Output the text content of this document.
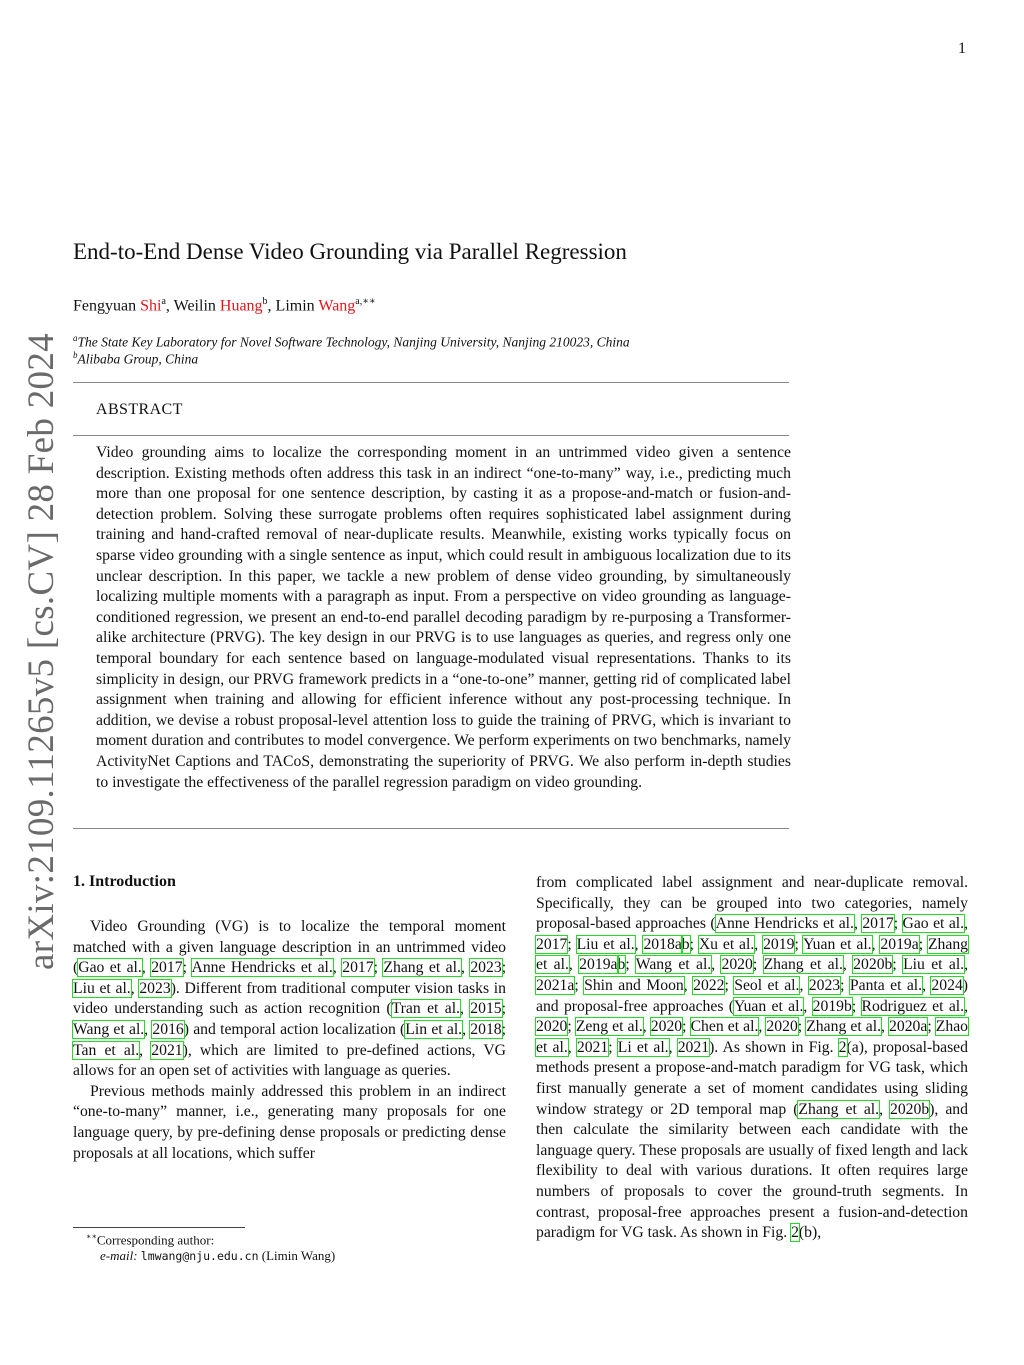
1
arXiv:2109.11265v5 [cs.CV] 28 Feb 2024
End-to-End Dense Video Grounding via Parallel Regression
Fengyuan Shi$^a$, Weilin Huang$^b$, Limin Wang$^{a,∗∗}$
$^a$The State Key Laboratory for Novel Software Technology, Nanjing University, Nanjing 210023, China
$^b$Alibaba Group, China
ABSTRACT
Video grounding aims to localize the corresponding moment in an untrimmed video given a sentence description. Existing methods often address this task in an indirect “one-to-many” way, i.e., predicting much more than one proposal for one sentence description, by casting it as a propose-and-match or fusion-and-detection problem. Solving these surrogate problems often requires sophisticated label assignment during training and hand-crafted removal of near-duplicate results. Meanwhile, existing works typically focus on sparse video grounding with a single sentence as input, which could result in ambiguous localization due to its unclear description. In this paper, we tackle a new problem of dense video grounding, by simultaneously localizing multiple moments with a paragraph as input. From a perspective on video grounding as language-conditioned regression, we present an end-to-end parallel decoding paradigm by re-purposing a Transformer-alike architecture (PRVG). The key design in our PRVG is to use languages as queries, and regress only one temporal boundary for each sentence based on language-modulated visual representations. Thanks to its simplicity in design, our PRVG framework predicts in a “one-to-one” manner, getting rid of complicated label assignment when training and allowing for efficient inference without any post-processing technique. In addition, we devise a robust proposal-level attention loss to guide the training of PRVG, which is invariant to moment duration and contributes to model convergence. We perform experiments on two benchmarks, namely ActivityNet Captions and TACoS, demonstrating the superiority of PRVG. We also perform in-depth studies to investigate the effectiveness of the parallel regression paradigm on video grounding.
1. Introduction

Video Grounding (VG) is to localize the temporal moment matched with a given language description in an untrimmed video (Gao et al., 2017; Anne Hendricks et al., 2017; Zhang et al., 2023; Liu et al., 2023). Different from traditional computer vision tasks in video understanding such as action recognition (Tran et al., 2015; Wang et al., 2016) and temporal action localization (Lin et al., 2018; Tan et al., 2021), which are limited to pre-defined actions, VG allows for an open set of activities with language as queries.

Previous methods mainly addressed this problem in an indirect “one-to-many” manner, i.e., generating many proposals for one language query, by pre-defining dense proposals or predicting dense proposals at all locations, which suffer

from complicated label assignment and near-duplicate removal. Specifically, they can be grouped into two categories, namely proposal-based approaches (Anne Hendricks et al., 2017; Gao et al., 2017; Liu et al., 2018ab; Xu et al., 2019; Yuan et al., 2019a; Zhang et al., 2019ab; Wang et al., 2020; Zhang et al., 2020b; Liu et al., 2021a; Shin and Moon, 2022; Seol et al., 2023; Panta et al., 2024) and proposal-free approaches (Yuan et al., 2019b; Rodriguez et al., 2020; Zeng et al., 2020; Chen et al., 2020; Zhang et al., 2020a; Zhao et al., 2021; Li et al., 2021). As shown in Fig. 2(a), proposal-based methods present a propose-and-match paradigm for VG task, which first manually generate a set of moment candidates using sliding window strategy or 2D temporal map (Zhang et al., 2020b), and then calculate the similarity between each candidate with the language query. These proposals are usually of fixed length and lack flexibility to deal with various durations. It often requires large numbers of proposals to cover the ground-truth segments. In contrast, proposal-free approaches present a fusion-and-detection paradigm for VG task. As shown in Fig. 2(b),

∗∗Corresponding author:
e-mail: lmwang@nju.edu.cn (Limin Wang)
